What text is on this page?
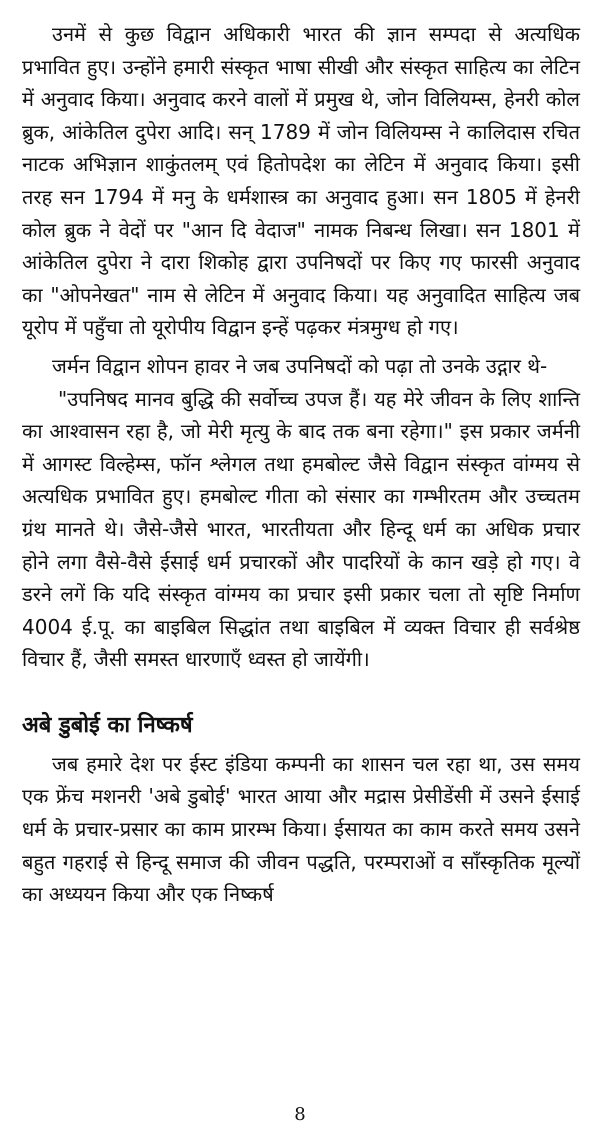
उनमें से कुछ विद्वान अधिकारी भारत की ज्ञान सम्पदा से अत्यधिक प्रभावित हुए। उन्होंने हमारी संस्कृत भाषा सीखी और संस्कृत साहित्य का लेटिन में अनुवाद किया। अनुवाद करने वालों में प्रमुख थे, जोन विलियम्स, हेनरी कोल ब्रुक, आंकेतिल दुपेरा आदि। सन् 1789 में जोन विलियम्स ने कालिदास रचित नाटक अभिज्ञान शाकुंतलम् एवं हितोपदेश का लेटिन में अनुवाद किया। इसी तरह सन 1794 में मनु के धर्मशास्त्र का अनुवाद हुआ। सन 1805 में हेनरी कोल ब्रुक ने वेदों पर "आन दि वेदाज" नामक निबन्ध लिखा। सन 1801 में आंकेतिल दुपेरा ने दारा शिकोह द्वारा उपनिषदों पर किए गए फारसी अनुवाद का "ओपनेखत" नाम से लेटिन में अनुवाद किया। यह अनुवादित साहित्य जब यूरोप में पहुँचा तो यूरोपीय विद्वान इन्हें पढ़कर मंत्रमुग्ध हो गए।

जर्मन विद्वान शोपन हावर ने जब उपनिषदों को पढ़ा तो उनके उद्गार थे-

"उपनिषद मानव बुद्धि की सर्वोच्च उपज हैं। यह मेरे जीवन के लिए शान्ति का आश्वासन रहा है, जो मेरी मृत्यु के बाद तक बना रहेगा।" इस प्रकार जर्मनी में आगस्ट विल्हेम्स, फॉन श्लेगल तथा हमबोल्ट जैसे विद्वान संस्कृत वांग्मय से अत्यधिक प्रभावित हुए। हमबोल्ट गीता को संसार का गम्भीरतम और उच्चतम ग्रंथ मानते थे। जैसे-जैसे भारत, भारतीयता और हिन्दू धर्म का अधिक प्रचार होने लगा वैसे-वैसे ईसाई धर्म प्रचारकों और पादरियों के कान खड़े हो गए। वे डरने लगें कि यदि संस्कृत वांग्मय का प्रचार इसी प्रकार चला तो सृष्टि निर्माण 4004 ई.पू. का बाइबिल सिद्धांत तथा बाइबिल में व्यक्त विचार ही सर्वश्रेष्ठ विचार हैं, जैसी समस्त धारणाएँ ध्वस्त हो जायेंगी।

अबे डुबोई का निष्कर्ष

जब हमारे देश पर ईस्ट इंडिया कम्पनी का शासन चल रहा था, उस समय एक फ्रेंच मशनरी 'अबे डुबोई' भारत आया और मद्रास प्रेसीडेंसी में उसने ईसाई धर्म के प्रचार-प्रसार का काम प्रारम्भ किया। ईसायत का काम करते समय उसने बहुत गहराई से हिन्दू समाज की जीवन पद्धति, परम्पराओं व साँस्कृतिक मूल्यों का अध्ययन किया और एक निष्कर्ष

8
